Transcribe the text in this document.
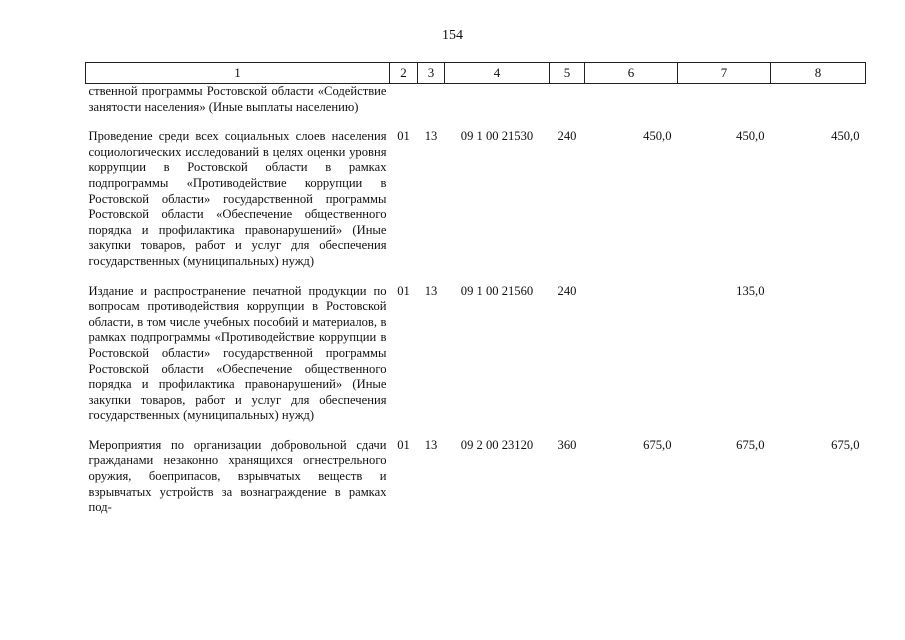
154
1	2	3	4	5	6	7	8
ственной программы Ростовской области «Содействие занятости населения» (Иные выплаты населению)							
Проведение среди всех социальных слоев населения социологических исследований в целях оценки уровня коррупции в Ростовской области в рамках подпрограммы «Противодействие коррупции в Ростовской области» государственной программы Ростовской области «Обеспечение общественного порядка и профилактика правонарушений» (Иные закупки товаров, работ и услуг для обеспечения государственных (муниципальных) нужд)	01	13	09 1 00 21530	240	450,0	450,0	450,0
Издание и распространение печатной продукции по вопросам противодействия коррупции в Ростовской области, в том числе учебных пособий и материалов, в рамках подпрограммы «Противодействие коррупции в Ростовской области» государственной программы Ростовской области «Обеспечение общественного порядка и профилактика правонарушений» (Иные закупки товаров, работ и услуг для обеспечения государственных (муниципальных) нужд)	01	13	09 1 00 21560	240		135,0	
Мероприятия по организации добровольной сдачи гражданами незаконно хранящихся огнестрельного оружия, боеприпасов, взрывчатых веществ и взрывчатых устройств за вознаграждение в рамках под-	01	13	09 2 00 23120	360	675,0	675,0	675,0
